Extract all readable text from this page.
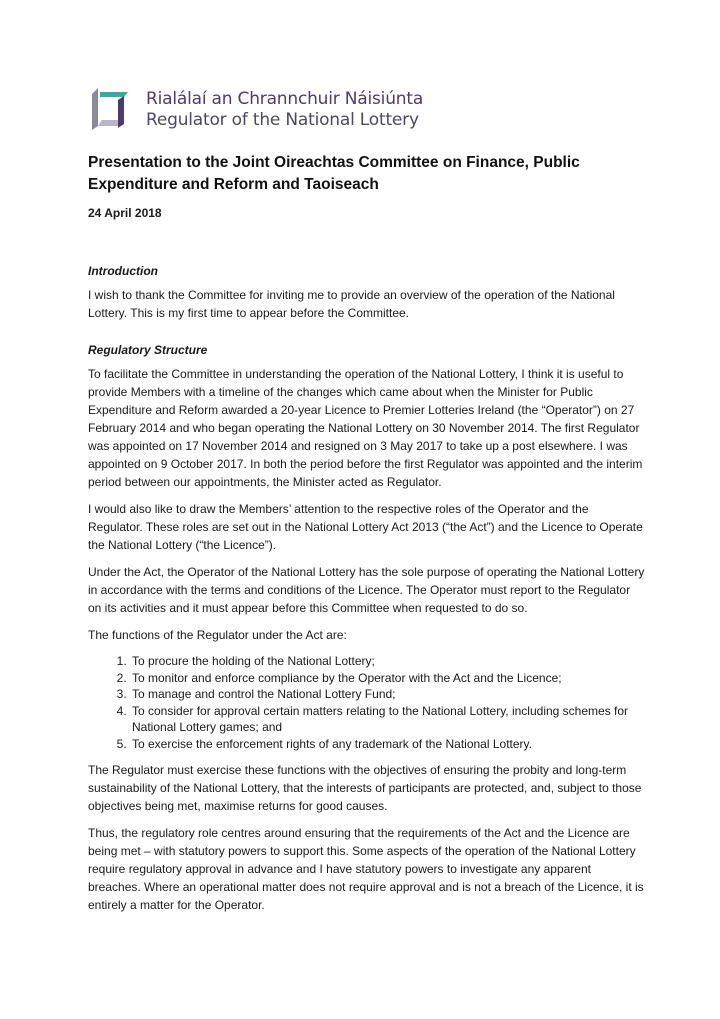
Rialálaí an Chrannchuir Náisiúnta
Regulator of the National Lottery
Presentation to the Joint Oireachtas Committee on Finance, Public Expenditure and Reform and Taoiseach
24 April 2018
Introduction

I wish to thank the Committee for inviting me to provide an overview of the operation of the National Lottery. This is my first time to appear before the Committee.

Regulatory Structure

To facilitate the Committee in understanding the operation of the National Lottery, I think it is useful to provide Members with a timeline of the changes which came about when the Minister for Public Expenditure and Reform awarded a 20-year Licence to Premier Lotteries Ireland (the “Operator”) on 27 February 2014 and who began operating the National Lottery on 30 November 2014. The first Regulator was appointed on 17 November 2014 and resigned on 3 May 2017 to take up a post elsewhere. I was appointed on 9 October 2017. In both the period before the first Regulator was appointed and the interim period between our appointments, the Minister acted as Regulator.

I would also like to draw the Members’ attention to the respective roles of the Operator and the Regulator. These roles are set out in the National Lottery Act 2013 (“the Act”) and the Licence to Operate the National Lottery (“the Licence”).

Under the Act, the Operator of the National Lottery has the sole purpose of operating the National Lottery in accordance with the terms and conditions of the Licence. The Operator must report to the Regulator on its activities and it must appear before this Committee when requested to do so.

The functions of the Regulator under the Act are:

1. To procure the holding of the National Lottery;
2. To monitor and enforce compliance by the Operator with the Act and the Licence;
3. To manage and control the National Lottery Fund;
4. To consider for approval certain matters relating to the National Lottery, including schemes for National Lottery games; and
5. To exercise the enforcement rights of any trademark of the National Lottery.

The Regulator must exercise these functions with the objectives of ensuring the probity and long-term sustainability of the National Lottery, that the interests of participants are protected, and, subject to those objectives being met, maximise returns for good causes.

Thus, the regulatory role centres around ensuring that the requirements of the Act and the Licence are being met – with statutory powers to support this. Some aspects of the operation of the National Lottery require regulatory approval in advance and I have statutory powers to investigate any apparent breaches. Where an operational matter does not require approval and is not a breach of the Licence, it is entirely a matter for the Operator.
